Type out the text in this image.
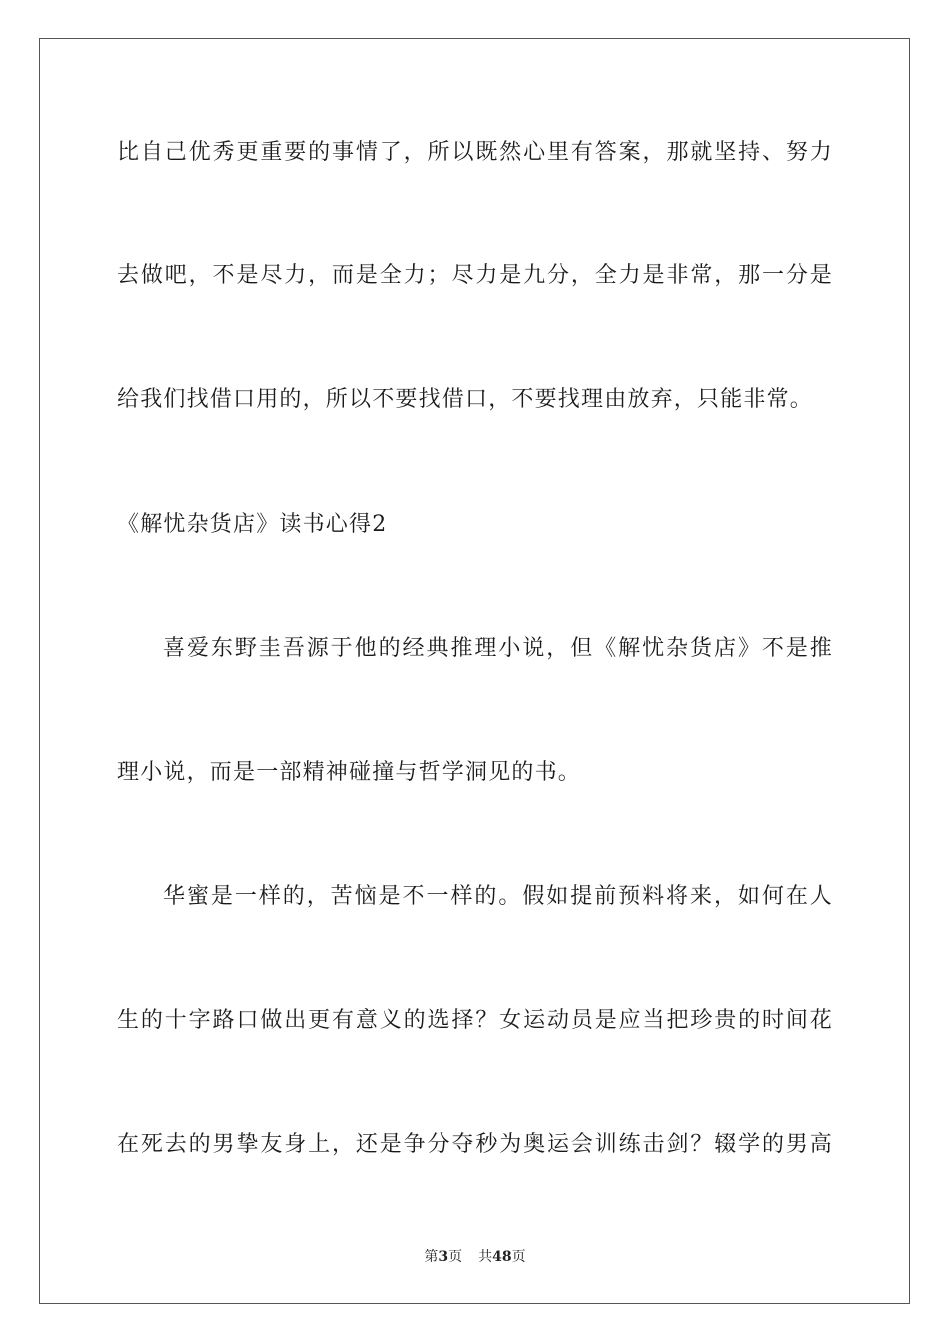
比自己优秀更重要的事情了，所以既然心里有答案，那就坚持、努力
去做吧，不是尽力，而是全力；尽力是九分，全力是非常，那一分是
给我们找借口用的，所以不要找借口，不要找理由放弃，只能非常。
《解忧杂货店》读书心得2
喜爱东野圭吾源于他的经典推理小说，但《解忧杂货店》不是推
理小说，而是一部精神碰撞与哲学洞见的书。
华蜜是一样的，苦恼是不一样的。假如提前预料将来，如何在人
生的十字路口做出更有意义的选择？女运动员是应当把珍贵的时间花
在死去的男挚友身上，还是争分夺秒为奥运会训练击剑？辍学的男高
第3页 共48页
